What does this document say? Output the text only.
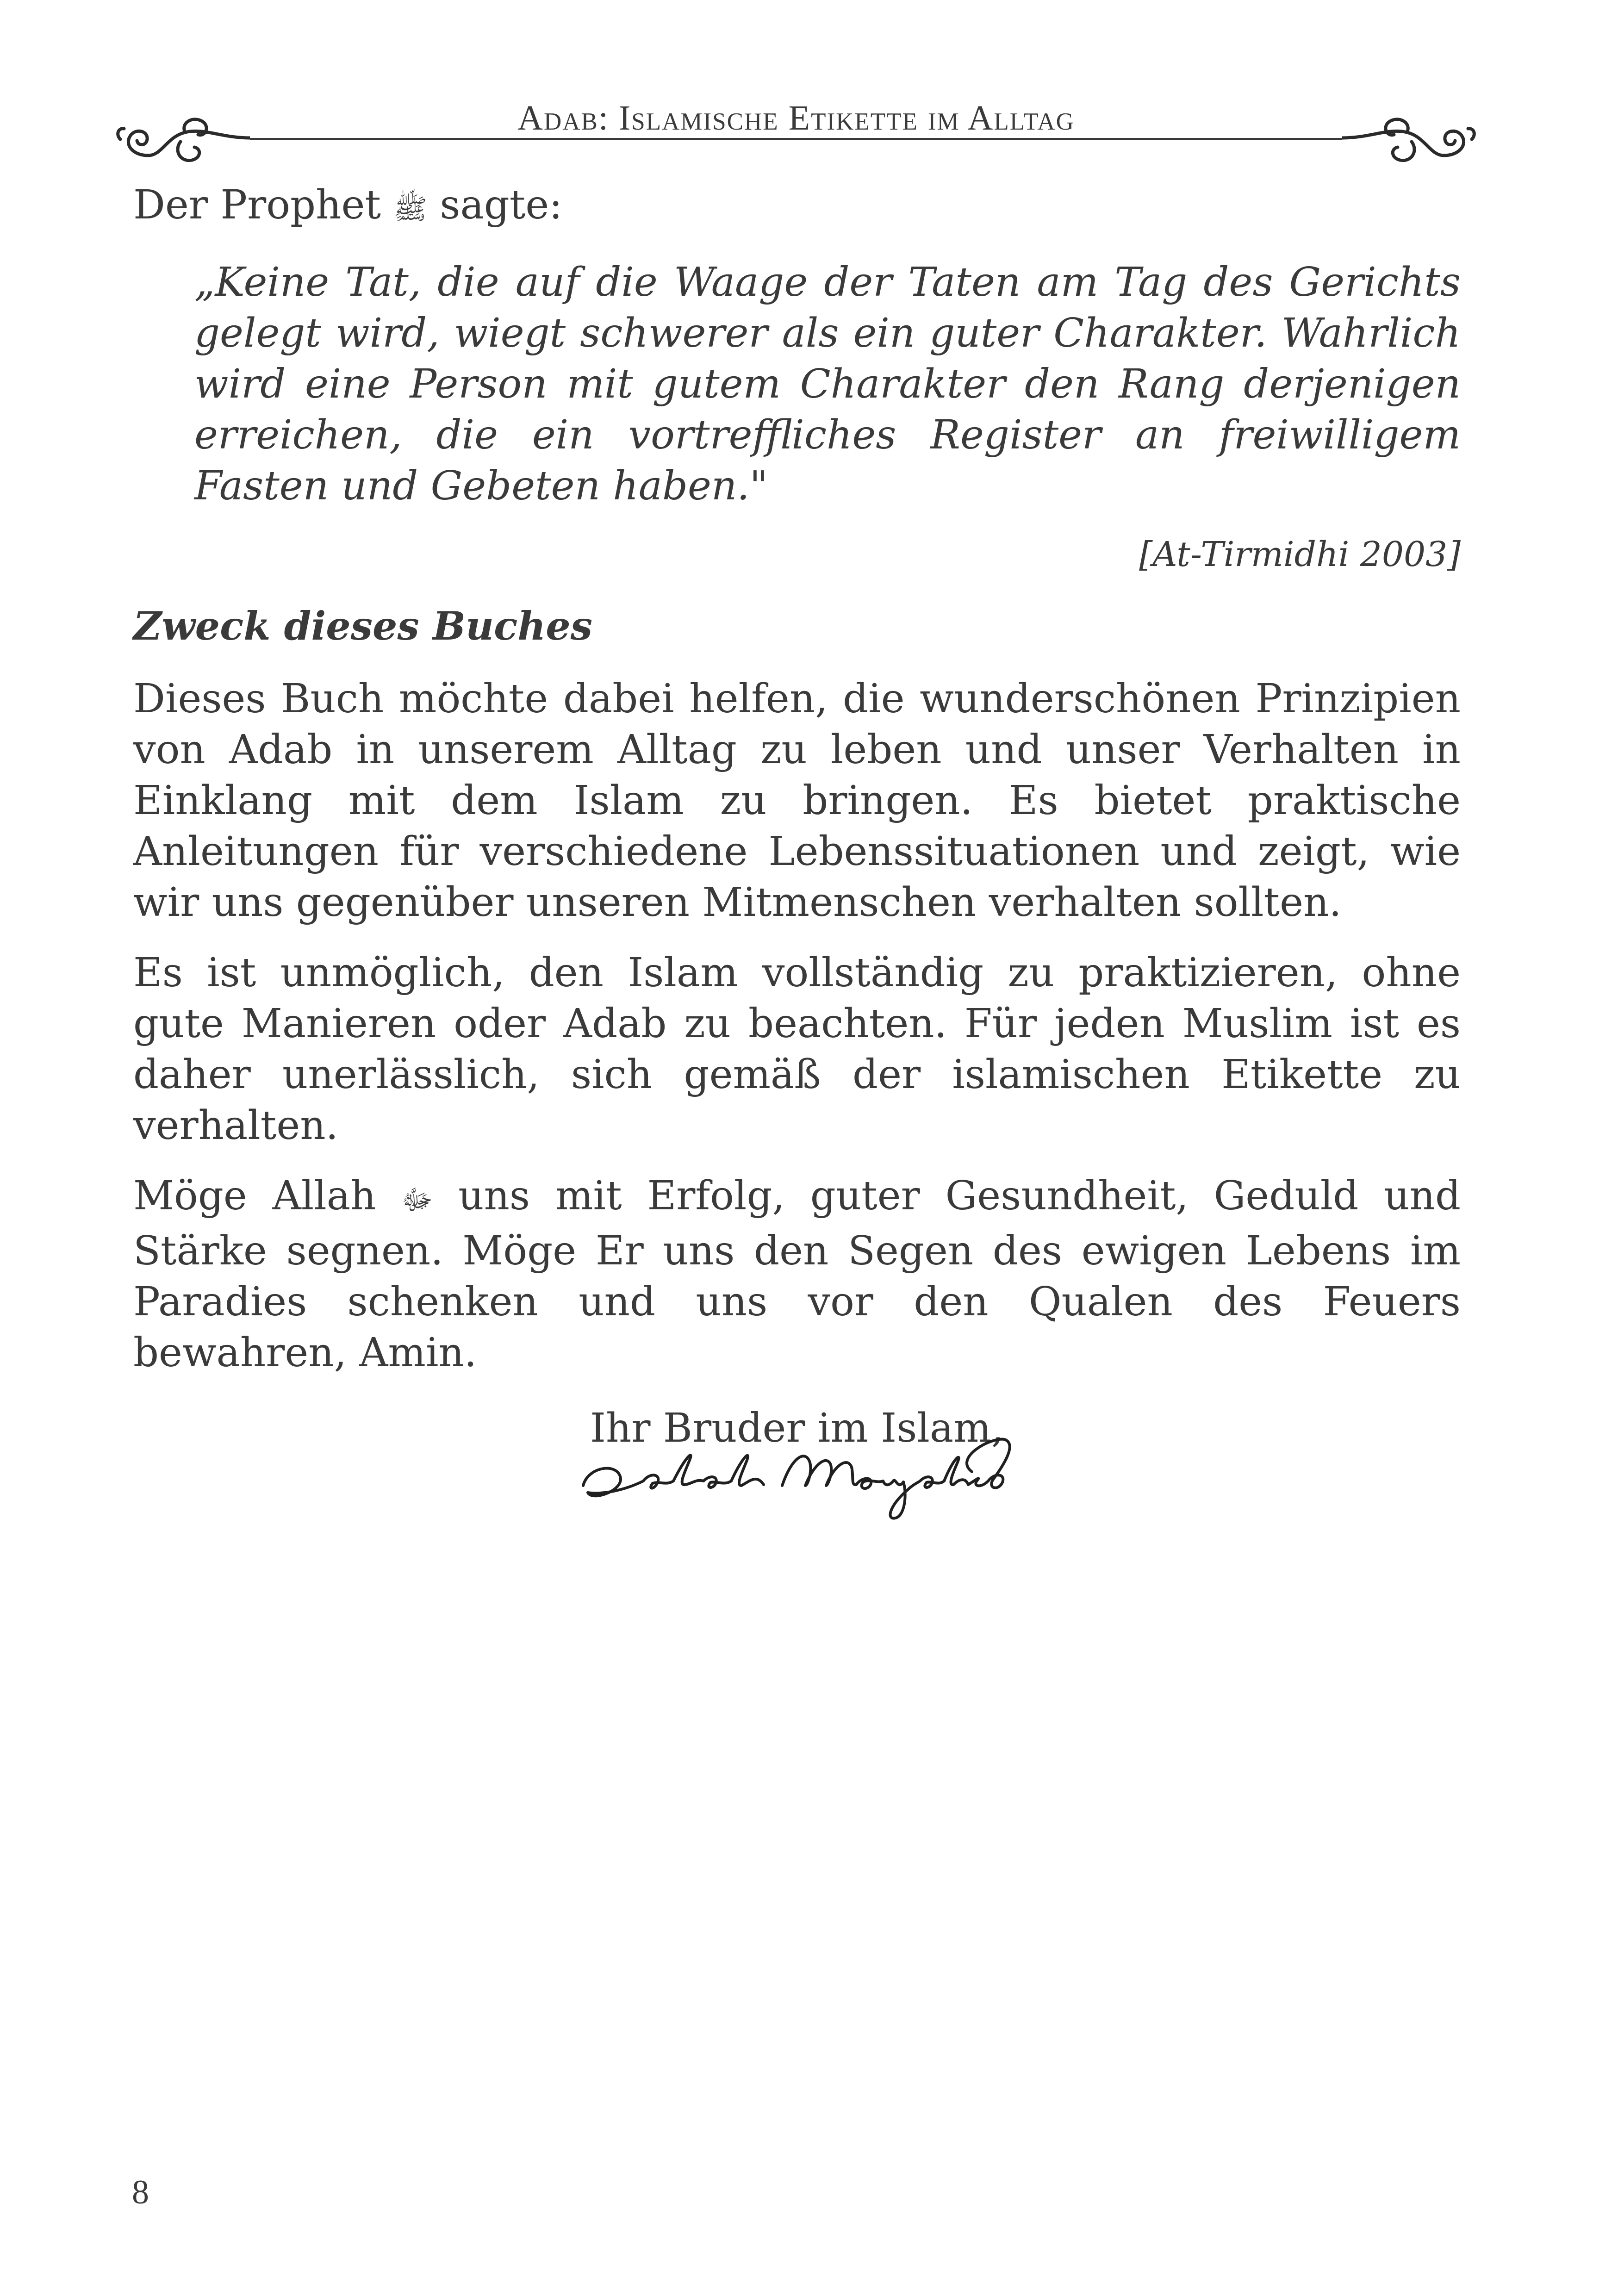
Adab: Islamische Etikette im Alltag

Der Prophet ﷺ sagte:

„Keine Tat, die auf die Waage der Taten am Tag des Gerichts gelegt wird, wiegt schwerer als ein guter Charakter. Wahrlich wird eine Person mit gutem Charakter den Rang derjenigen erreichen, die ein vortreffliches Register an freiwilligem Fasten und Gebeten haben."

[At-Tirmidhi 2003]

Zweck dieses Buches

Dieses Buch möchte dabei helfen, die wunderschönen Prinzipien von Adab in unserem Alltag zu leben und unser Verhalten in Einklang mit dem Islam zu bringen. Es bietet praktische Anleitungen für verschiedene Lebenssituationen und zeigt, wie wir uns gegenüber unseren Mitmenschen verhalten sollten.

Es ist unmöglich, den Islam vollständig zu praktizieren, ohne gute Manieren oder Adab zu beachten. Für jeden Muslim ist es daher unerlässlich, sich gemäß der islamischen Etikette zu verhalten.

Möge Allah ﷻ uns mit Erfolg, guter Gesundheit, Geduld und Stärke segnen. Möge Er uns den Segen des ewigen Lebens im Paradies schenken und uns vor den Qualen des Feuers bewahren, Amin.

Ihr Bruder im Islam,

8
